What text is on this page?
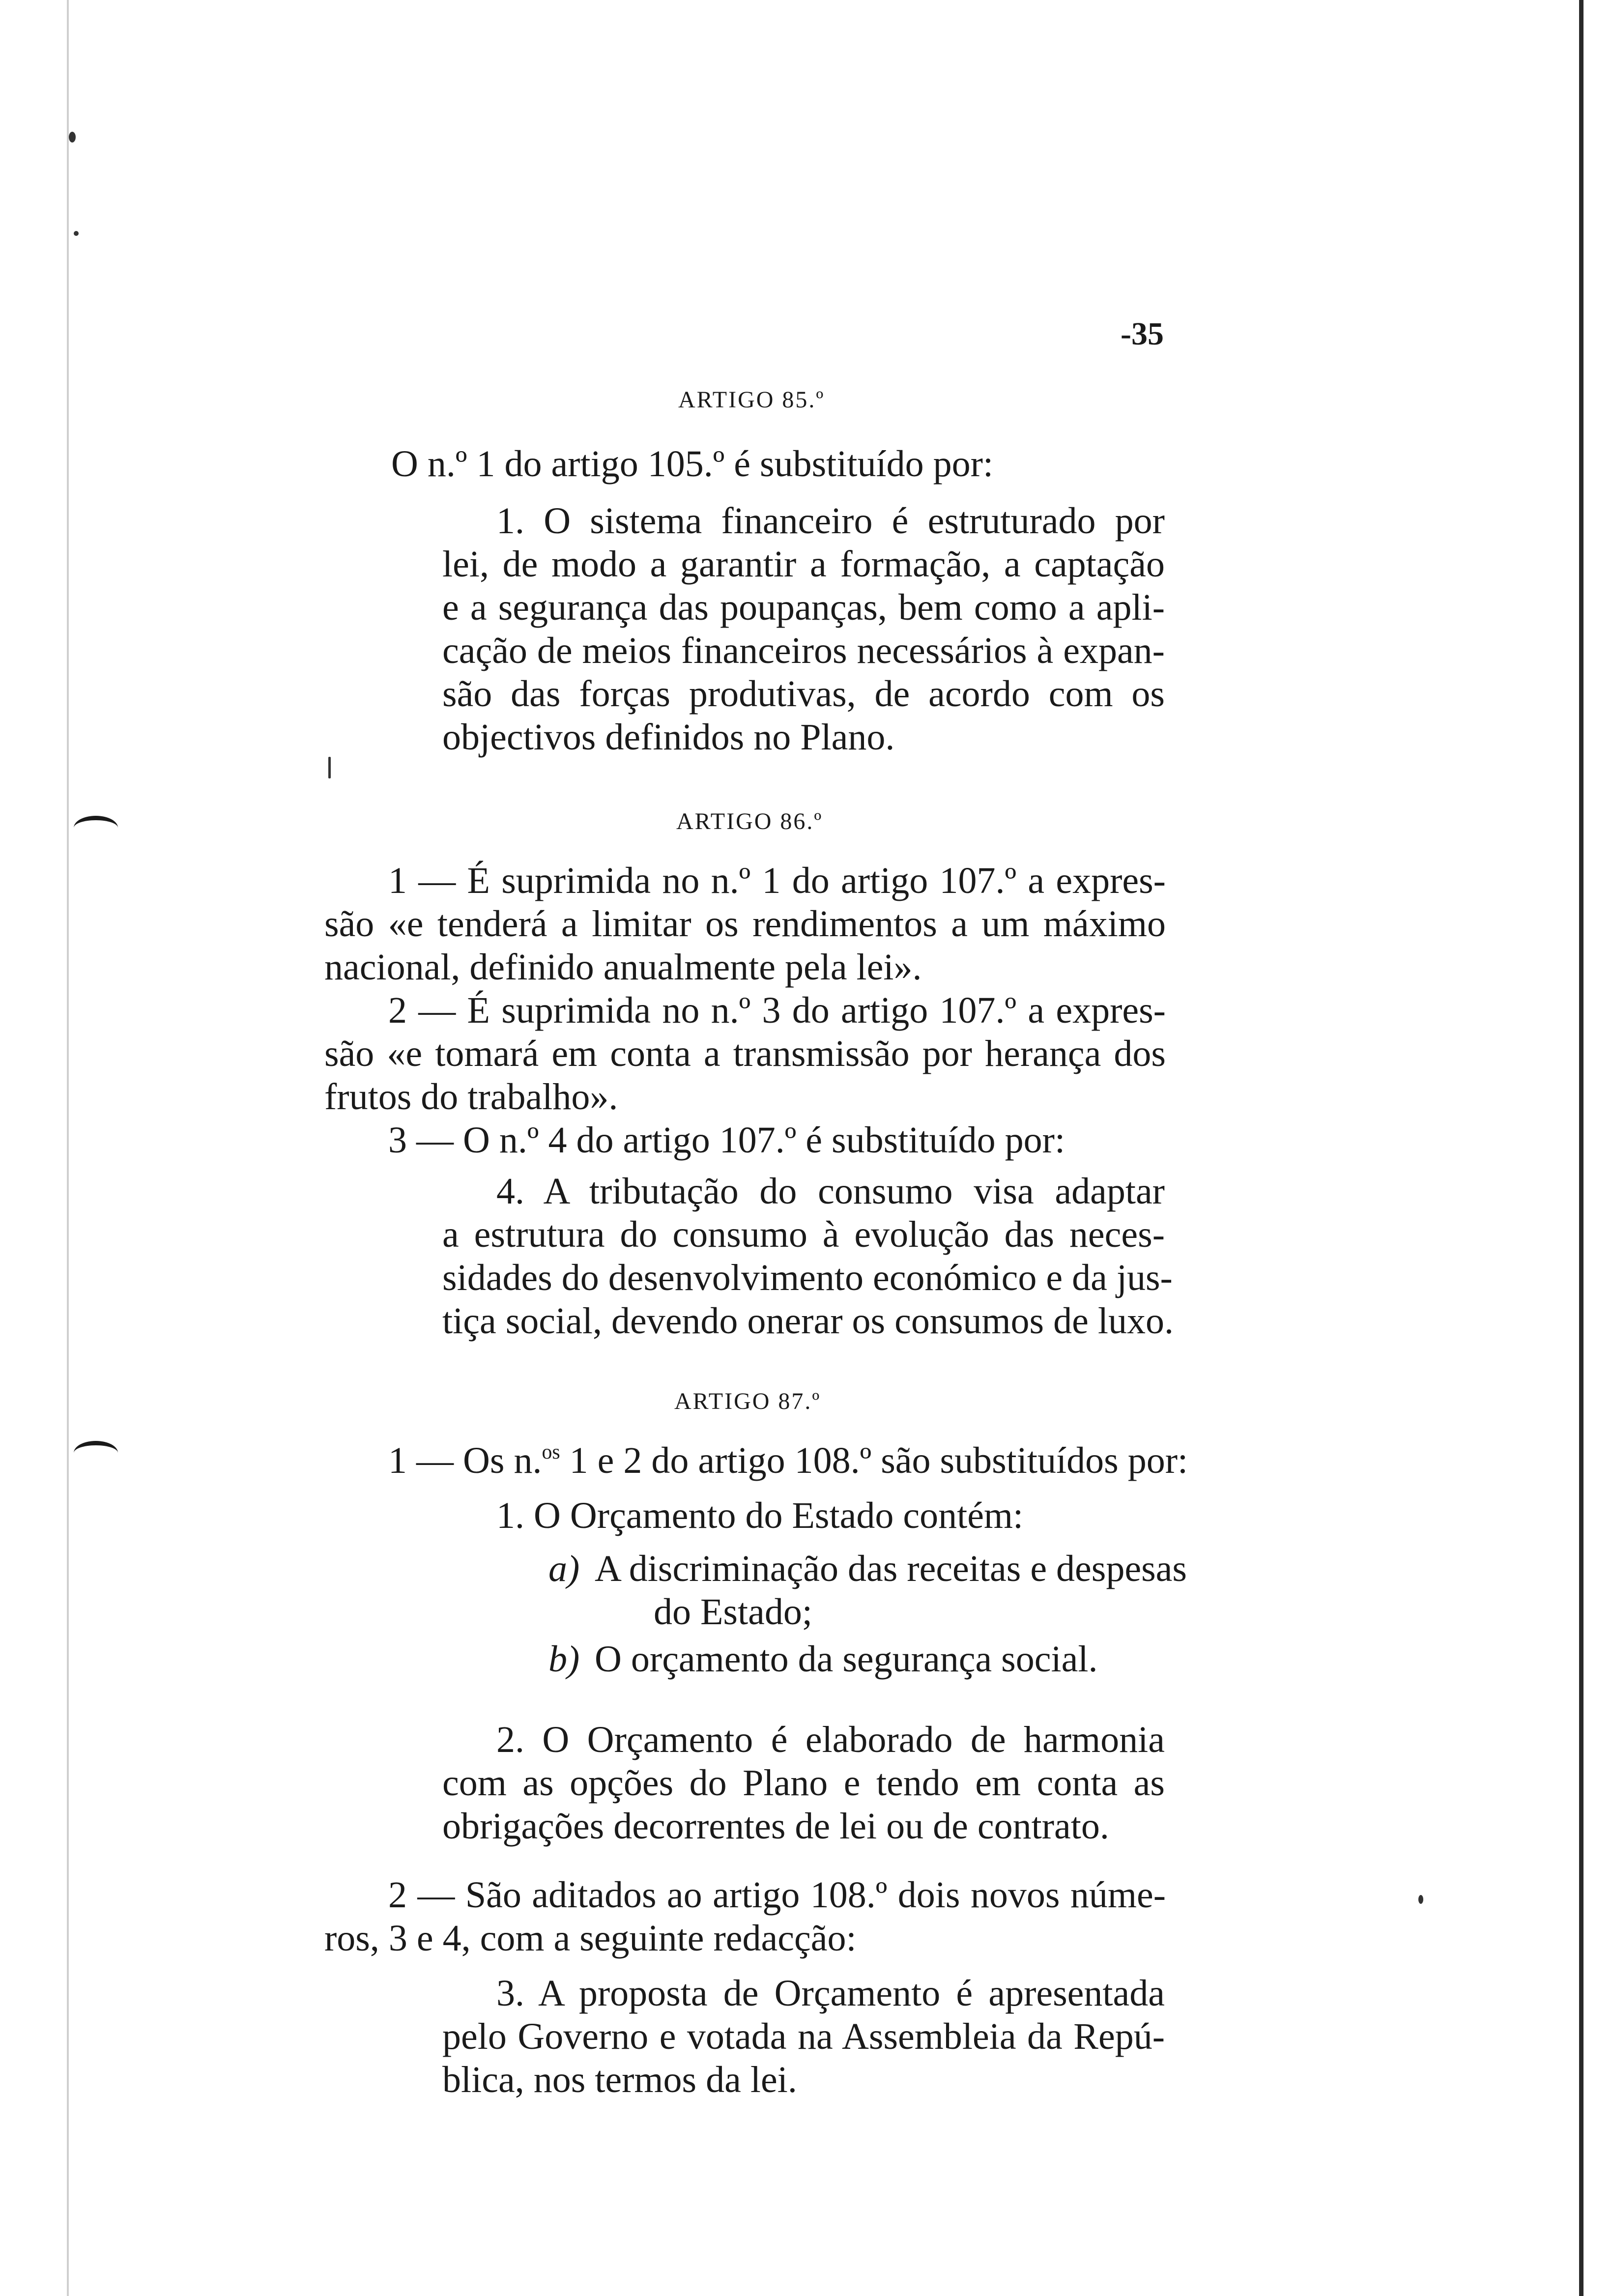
-35
ARTIGO 85.º
O n.º 1 do artigo 105.º é substituído por:
1. O sistema financeiro é estruturado por
lei, de modo a garantir a formação, a captação
e a segurança das poupanças, bem como a apli-
cação de meios financeiros necessários à expan-
são das forças produtivas, de acordo com os
objectivos definidos no Plano.
ARTIGO 86.º
1 — É suprimida no n.º 1 do artigo 107.º a expres-
são «e tenderá a limitar os rendimentos a um máximo
nacional, definido anualmente pela lei».
2 — É suprimida no n.º 3 do artigo 107.º a expres-
são «e tomará em conta a transmissão por herança dos
frutos do trabalho».
3 — O n.º 4 do artigo 107.º é substituído por:
4. A tributação do consumo visa adaptar
a estrutura do consumo à evolução das neces-
sidades do desenvolvimento económico e da jus-
tiça social, devendo onerar os consumos de luxo.
ARTIGO 87.º
1 — Os n.$^{os}$ 1 e 2 do artigo 108.º são substituídos por:
1. O Orçamento do Estado contém:
a) A discriminação das receitas e despesas
do Estado;
b) O orçamento da segurança social.
2. O Orçamento é elaborado de harmonia
com as opções do Plano e tendo em conta as
obrigações decorrentes de lei ou de contrato.
2 — São aditados ao artigo 108.º dois novos núme-
ros, 3 e 4, com a seguinte redacção:
3. A proposta de Orçamento é apresentada
pelo Governo e votada na Assembleia da Repú-
blica, nos termos da lei.
